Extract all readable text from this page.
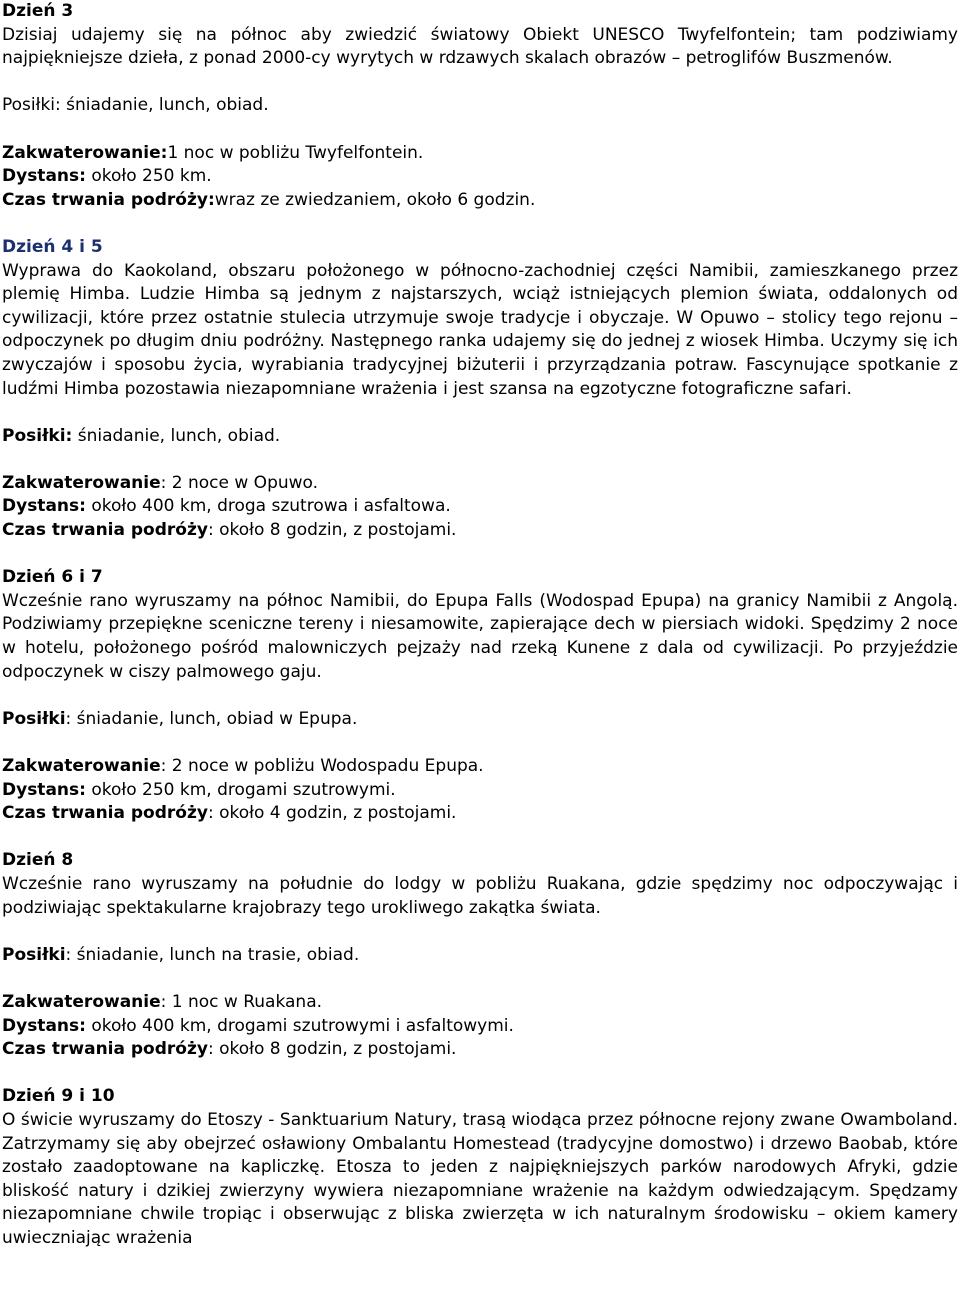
Dzień 3

Dzisiaj udajemy się na północ aby zwiedzić światowy Obiekt UNESCO Twyfelfontein; tam podziwiamy najpiękniejsze dzieła, z ponad 2000-cy wyrytych w rdzawych skalach obrazów – petroglifów Buszmenów.

Posiłki: śniadanie, lunch, obiad.

Zakwaterowanie:1 noc w pobliżu Twyfelfontein.

Dystans: około 250 km.

Czas trwania podróży:wraz ze zwiedzaniem, około 6 godzin.

Dzień 4 i 5

Wyprawa do Kaokoland, obszaru położonego w północno-zachodniej części Namibii, zamieszkanego przez plemię Himba. Ludzie Himba są jednym z najstarszych, wciąż istniejących plemion świata, oddalonych od cywilizacji, które przez ostatnie stulecia utrzymuje swoje tradycje i obyczaje. W Opuwo – stolicy tego rejonu – odpoczynek po długim dniu podróżny. Następnego ranka udajemy się do jednej z wiosek Himba. Uczymy się ich zwyczajów i sposobu życia, wyrabiania tradycyjnej biżuterii i przyrządzania potraw. Fascynujące spotkanie z ludźmi Himba pozostawia niezapomniane wrażenia i jest szansa na egzotyczne fotograficzne safari.

Posiłki: śniadanie, lunch, obiad.

Zakwaterowanie: 2 noce w Opuwo.

Dystans: około 400 km, droga szutrowa i asfaltowa.

Czas trwania podróży: około 8 godzin, z postojami.

Dzień 6 i 7

Wcześnie rano wyruszamy na północ Namibii, do Epupa Falls (Wodospad Epupa) na granicy Namibii z Angolą. Podziwiamy przepiękne sceniczne tereny i niesamowite, zapierające dech w piersiach widoki. Spędzimy 2 noce w hotelu, położonego pośród malowniczych pejzaży nad rzeką Kunene z dala od cywilizacji. Po przyjeździe odpoczynek w ciszy palmowego gaju.

Posiłki: śniadanie, lunch, obiad w Epupa.

Zakwaterowanie: 2 noce w pobliżu Wodospadu Epupa.

Dystans: około 250 km, drogami szutrowymi.

Czas trwania podróży: około 4 godzin, z postojami.

Dzień 8

Wcześnie rano wyruszamy na południe do lodgy w pobliżu Ruakana, gdzie spędzimy noc odpoczywając i podziwiając spektakularne krajobrazy tego urokliwego zakątka świata.

Posiłki: śniadanie, lunch na trasie, obiad.

Zakwaterowanie: 1 noc w Ruakana.

Dystans: około 400 km, drogami szutrowymi i asfaltowymi.

Czas trwania podróży: około 8 godzin, z postojami.

Dzień 9 i 10

O świcie wyruszamy do Etoszy - Sanktuarium Natury, trasą wiodąca przez północne rejony zwane Owamboland. Zatrzymamy się aby obejrzeć osławiony Ombalantu Homestead (tradycyjne domostwo) i drzewo Baobab, które zostało zaadoptowane na kapliczkę. Etosza to jeden z najpiękniejszych parków narodowych Afryki, gdzie bliskość natury i dzikiej zwierzyny wywiera niezapomniane wrażenie na każdym odwiedzającym. Spędzamy niezapomniane chwile tropiąc i obserwując z bliska zwierzęta w ich naturalnym środowisku – okiem kamery uwieczniając wrażenia
